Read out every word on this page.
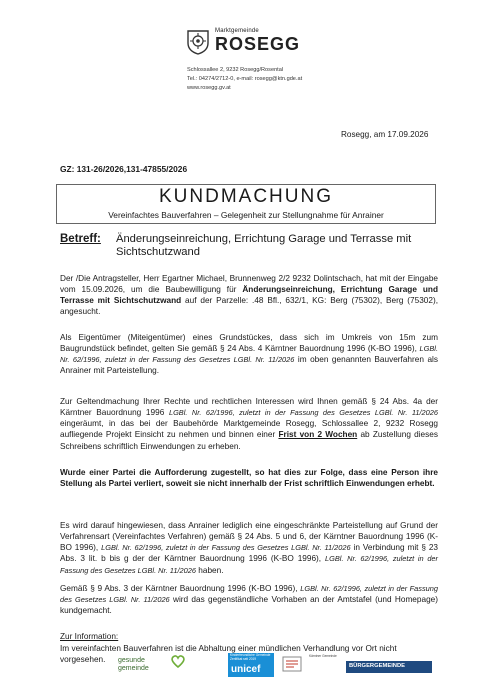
Marktgemeinde
ROSEGG
Schlossallee 2, 9232 Rosegg/Rosental
Tel.: 04274/2712-0, e-mail: rosegg@ktn.gde.at
www.rosegg.gv.at
Rosegg, am 17.09.2026
GZ: 131-26/2026,131-47855/2026
KUNDMACHUNG
Vereinfachtes Bauverfahren – Gelegenheit zur Stellungnahme für Anrainer
Betreff: Änderungseinreichung, Errichtung Garage und Terrasse mit Sichtschutzwand
Der /Die Antragsteller, Herr Egartner Michael, Brunnenweg 2/2 9232 Dolintschach, hat mit der Eingabe vom 15.09.2026, um die Baubewilligung für Änderungseinreichung, Errichtung Garage und Terrasse mit Sichtschutzwand auf der Parzelle: .48 Bfl., 632/1, KG: Berg (75302), Berg (75302), angesucht.
Als Eigentümer (Miteigentümer) eines Grundstückes, dass sich im Umkreis von 15m zum Baugrundstück befindet, gelten Sie gemäß § 24 Abs. 4 Kärntner Bauordnung 1996 (K-BO 1996), LGBl. Nr. 62/1996, zuletzt in der Fassung des Gesetzes LGBl. Nr. 11/2026 im oben genannten Bauverfahren als Anrainer mit Parteistellung.
Zur Geltendmachung Ihrer Rechte und rechtlichen Interessen wird Ihnen gemäß § 24 Abs. 4a der Kärntner Bauordnung 1996 LGBl. Nr. 62/1996, zuletzt in der Fassung des Gesetzes LGBl. Nr. 11/2026 eingeräumt, in das bei der Baubehörde Marktgemeinde Rosegg, Schlossallee 2, 9232 Rosegg aufliegende Projekt Einsicht zu nehmen und binnen einer Frist von 2 Wochen ab Zustellung dieses Schreibens schriftlich Einwendungen zu erheben.
Wurde einer Partei die Aufforderung zugestellt, so hat dies zur Folge, dass eine Person ihre Stellung als Partei verliert, soweit sie nicht innerhalb der Frist schriftlich Einwendungen erhebt.
Es wird darauf hingewiesen, dass Anrainer lediglich eine eingeschränkte Parteistellung auf Grund der Verfahrensart (Vereinfachtes Verfahren) gemäß § 24 Abs. 5 und 6, der Kärntner Bauordnung 1996 (K-BO 1996), LGBl. Nr. 62/1996, zuletzt in der Fassung des Gesetzes LGBl. Nr. 11/2026 in Verbindung mit § 23 Abs. 3 lit. b bis g der der Kärntner Bauordnung 1996 (K-BO 1996), LGBl. Nr. 62/1996, zuletzt in der Fassung des Gesetzes LGBl. Nr. 11/2026 haben.
Gemäß § 9 Abs. 3 der Kärntner Bauordnung 1996 (K-BO 1996), LGBl. Nr. 62/1996, zuletzt in der Fassung des Gesetzes LGBl. Nr. 11/2026 wird das gegenständliche Vorhaben an der Amtstafel (und Homepage) kundgemacht.
Zur Information:
Im vereinfachten Bauverfahren ist die Abhaltung einer mündlichen Verhandlung vor Ort nicht vorgesehen.	gesunde
gemeinde
Kinderfreundliche Gemeinde Zertifikat seit 2019
unicef
Kärntner Gemeinde
BÜRGERGEMEINDE
